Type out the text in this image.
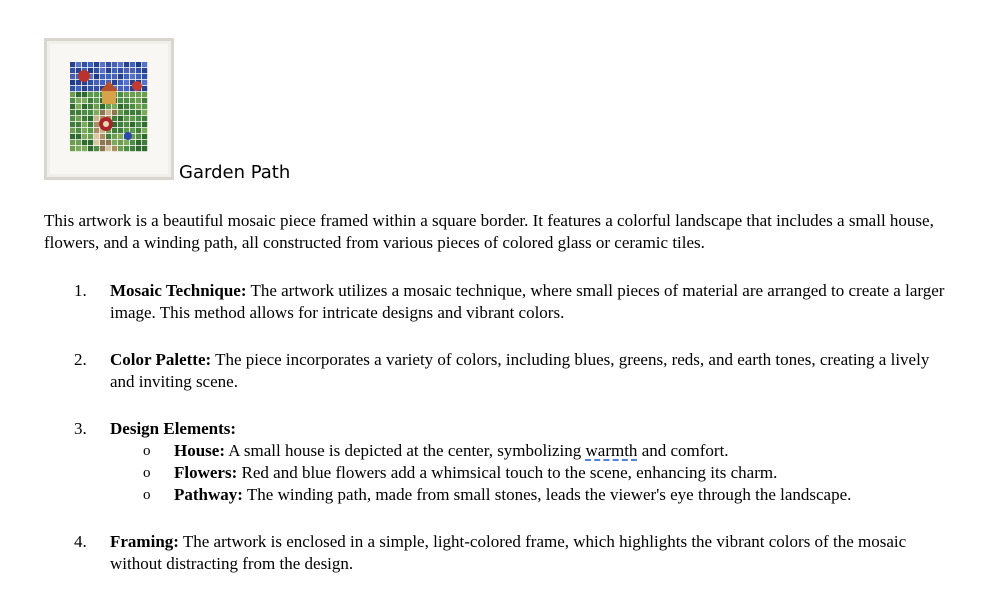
Garden Path

This artwork is a beautiful mosaic piece framed within a square border. It features a colorful landscape that includes a small house, flowers, and a winding path, all constructed from various pieces of colored glass or ceramic tiles.

1.	Mosaic Technique: The artwork utilizes a mosaic technique, where small pieces of material are arranged to create a larger image. This method allows for intricate designs and vibrant colors.
2.	Color Palette: The piece incorporates a variety of colors, including blues, greens, reds, and earth tones, creating a lively and inviting scene.
3.	Design Elements:
o House: A small house is depicted at the center, symbolizing warmth and comfort.
o Flowers: Red and blue flowers add a whimsical touch to the scene, enhancing its charm.
o Pathway: The winding path, made from small stones, leads the viewer's eye through the landscape.
4.	Framing: The artwork is enclosed in a simple, light-colored frame, which highlights the vibrant colors of the mosaic without distracting from the design.
